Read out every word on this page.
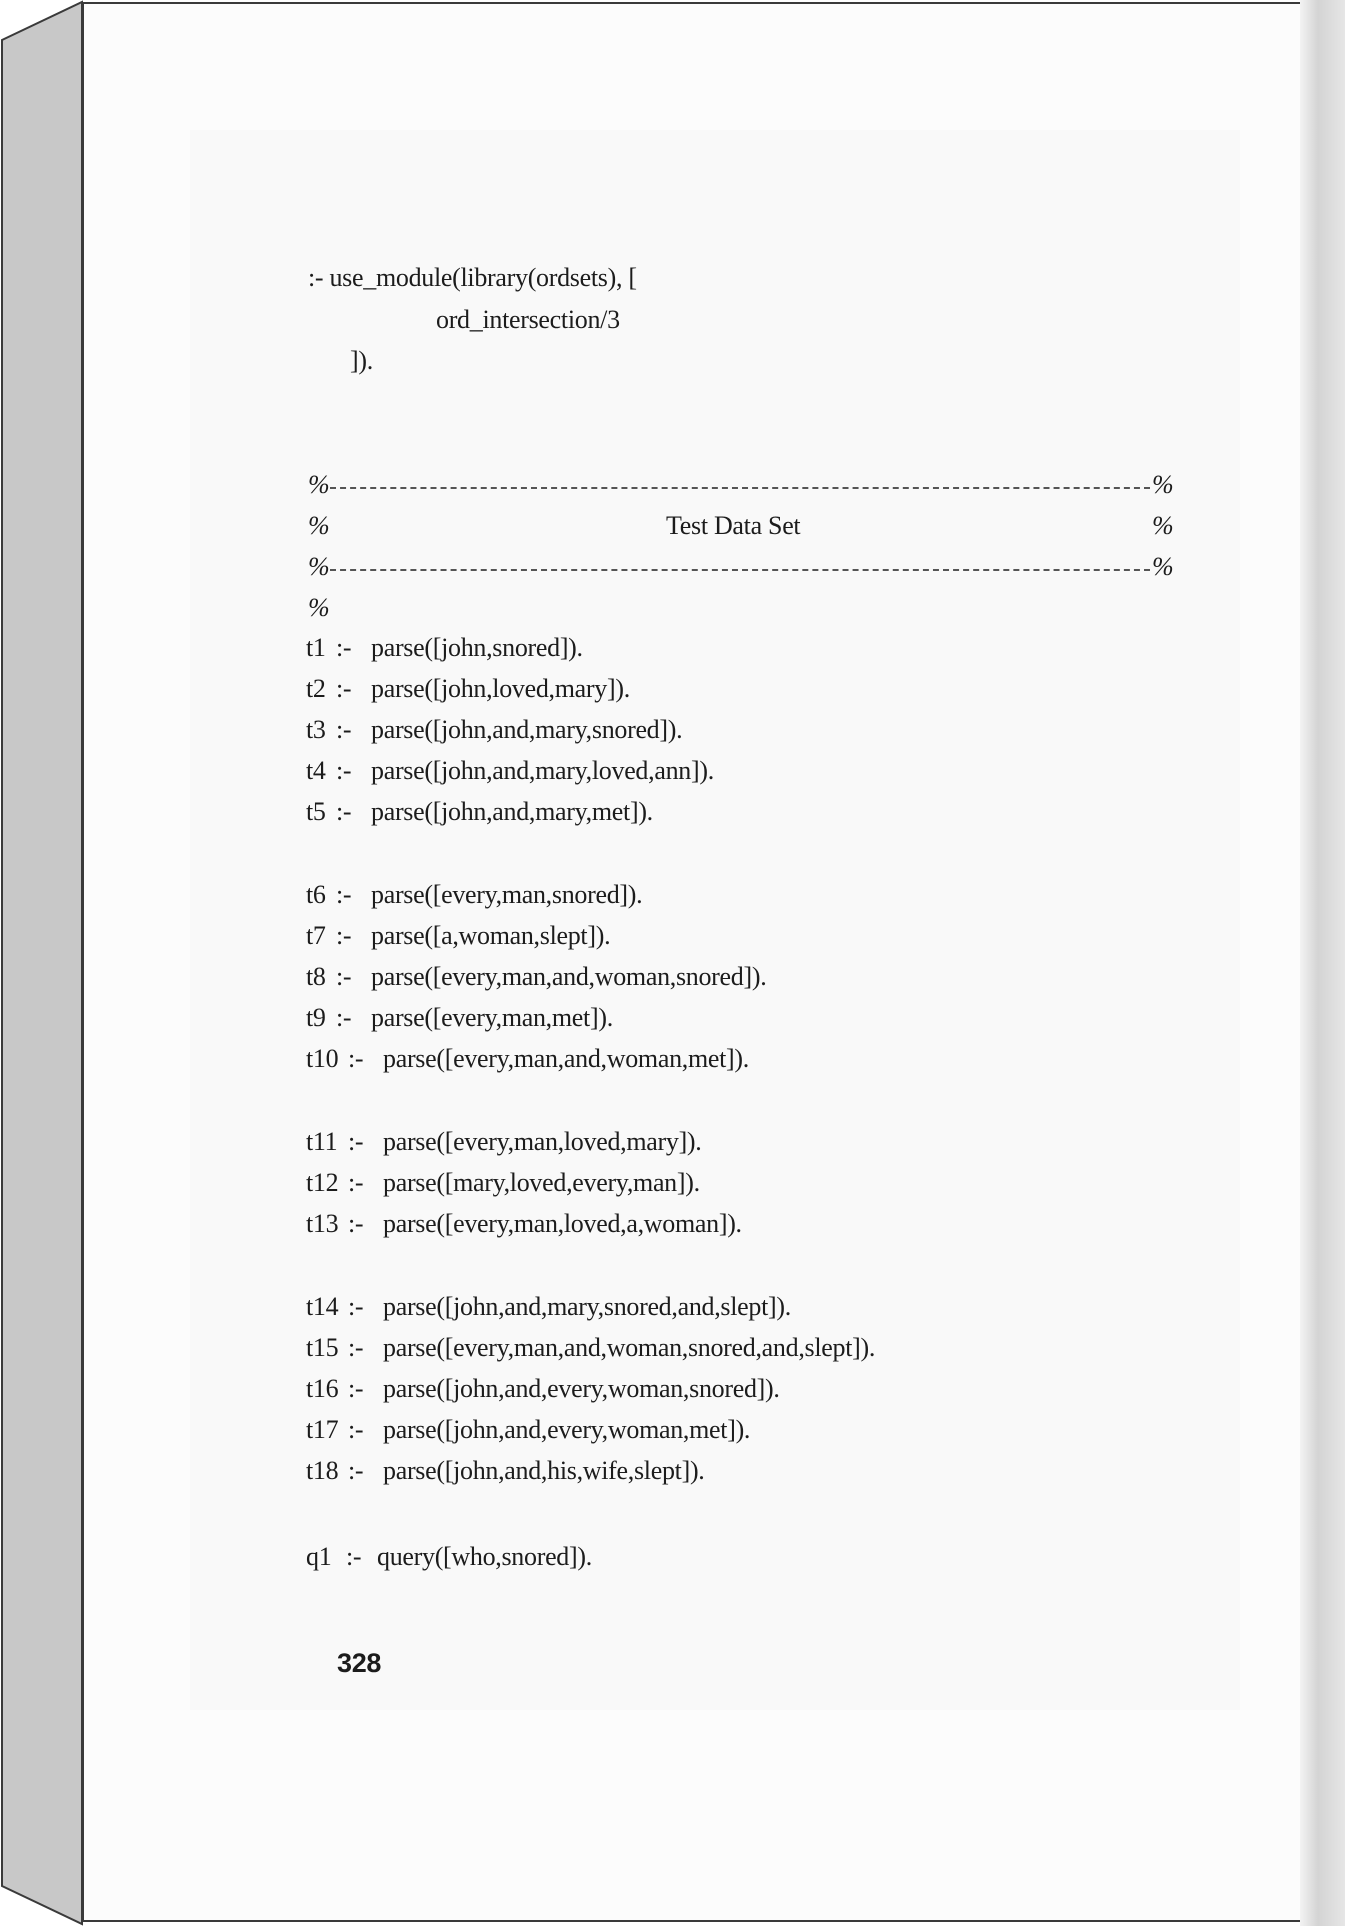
:- use_module(library(ordsets), [
ord_intersection/3
]).
%	%
%	Test Data Set	%
%	%
%
t1 :- parse([john,snored]).
t2 :- parse([john,loved,mary]).
t3 :- parse([john,and,mary,snored]).
t4 :- parse([john,and,mary,loved,ann]).
t5 :- parse([john,and,mary,met]).
t6 :- parse([every,man,snored]).
t7 :- parse([a,woman,slept]).
t8 :- parse([every,man,and,woman,snored]).
t9 :- parse([every,man,met]).
t10 :- parse([every,man,and,woman,met]).
t11 :- parse([every,man,loved,mary]).
t12 :- parse([mary,loved,every,man]).
t13 :- parse([every,man,loved,a,woman]).
t14 :- parse([john,and,mary,snored,and,slept]).
t15 :- parse([every,man,and,woman,snored,and,slept]).
t16 :- parse([john,and,every,woman,snored]).
t17 :- parse([john,and,every,woman,met]).
t18 :- parse([john,and,his,wife,slept]).
q1 :- query([who,snored]).
328
